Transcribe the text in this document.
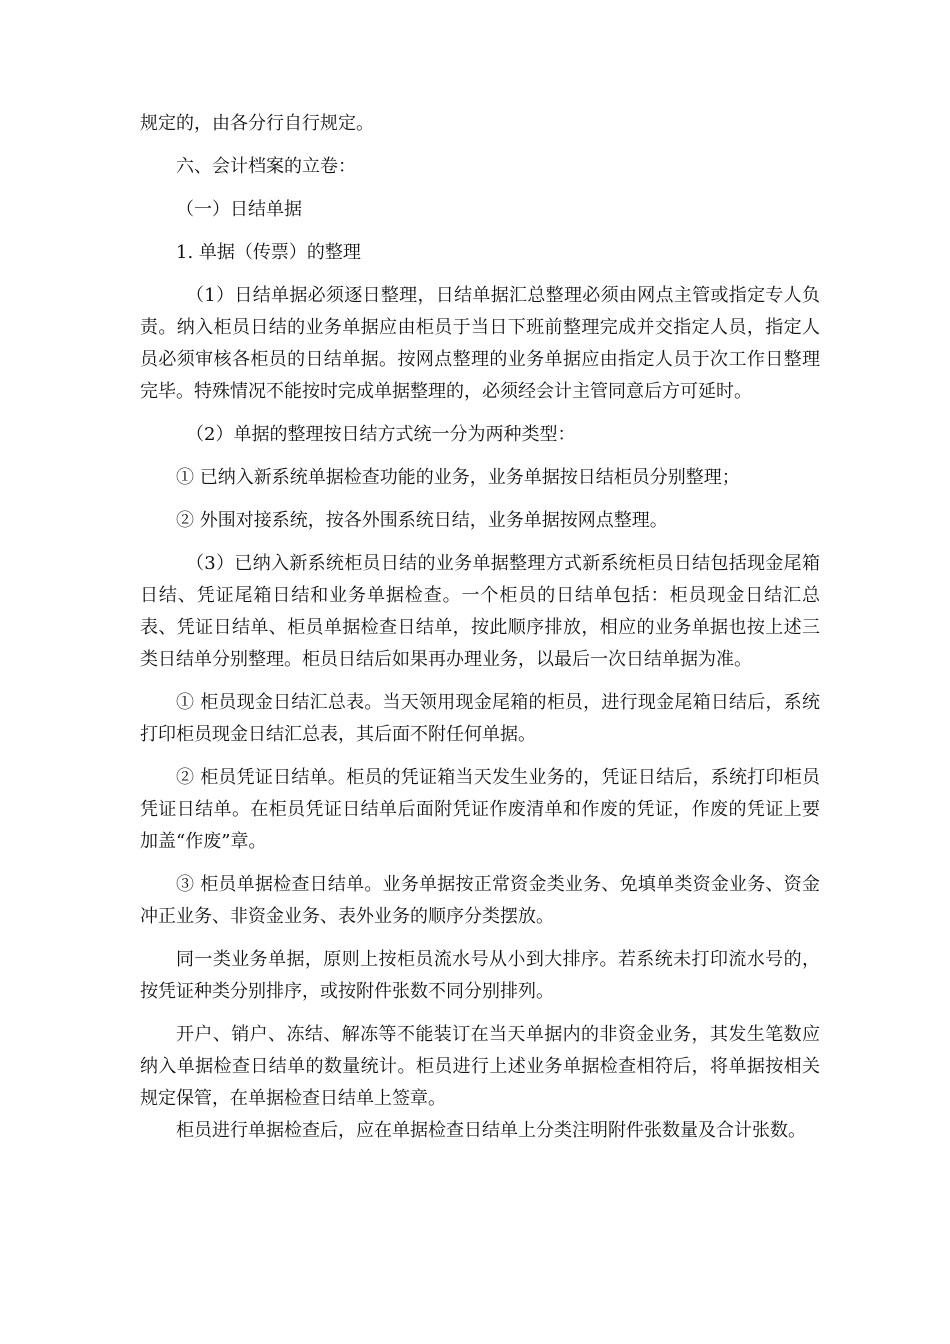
规定的，由各分行自行规定。

六、会计档案的立卷：

（一）日结单据

1. 单据（传票）的整理

（1）日结单据必须逐日整理，日结单据汇总整理必须由网点主管或指定专人负责。纳入柜员日结的业务单据应由柜员于当日下班前整理完成并交指定人员，指定人员必须审核各柜员的日结单据。按网点整理的业务单据应由指定人员于次工作日整理完毕。特殊情况不能按时完成单据整理的，必须经会计主管同意后方可延时。

（2）单据的整理按日结方式统一分为两种类型：

① 已纳入新系统单据检查功能的业务，业务单据按日结柜员分别整理；

② 外围对接系统，按各外围系统日结，业务单据按网点整理。

（3）已纳入新系统柜员日结的业务单据整理方式新系统柜员日结包括现金尾箱日结、凭证尾箱日结和业务单据检查。一个柜员的日结单包括：柜员现金日结汇总表、凭证日结单、柜员单据检查日结单，按此顺序排放，相应的业务单据也按上述三类日结单分别整理。柜员日结后如果再办理业务，以最后一次日结单据为准。

① 柜员现金日结汇总表。当天领用现金尾箱的柜员，进行现金尾箱日结后，系统打印柜员现金日结汇总表，其后面不附任何单据。

② 柜员凭证日结单。柜员的凭证箱当天发生业务的，凭证日结后，系统打印柜员凭证日结单。在柜员凭证日结单后面附凭证作废清单和作废的凭证，作废的凭证上要加盖“作废”章。

③ 柜员单据检查日结单。业务单据按正常资金类业务、免填单类资金业务、资金冲正业务、非资金业务、表外业务的顺序分类摆放。

同一类业务单据，原则上按柜员流水号从小到大排序。若系统未打印流水号的，按凭证种类分别排序，或按附件张数不同分别排列。

开户、销户、冻结、解冻等不能装订在当天单据内的非资金业务，其发生笔数应纳入单据检查日结单的数量统计。柜员进行上述业务单据检查相符后，将单据按相关规定保管，在单据检查日结单上签章。

柜员进行单据检查后，应在单据检查日结单上分类注明附件张数量及合计张数。
